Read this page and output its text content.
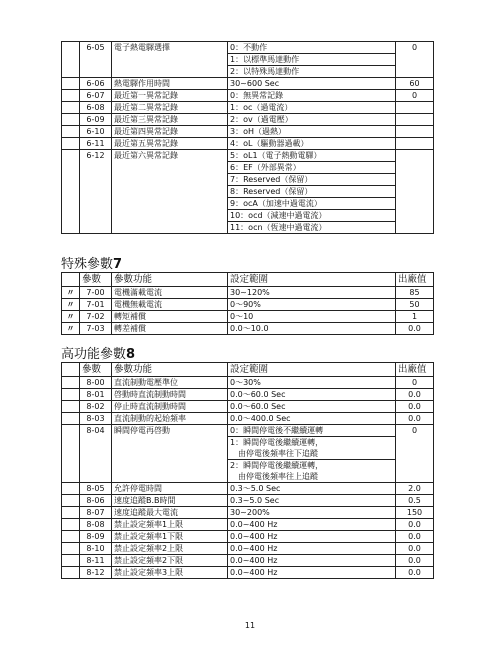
	6-05	電子熱電驛選擇	0：不動作	0
			1：以標準馬達動作	
			2：以特殊馬達動作	
	6-06	熱電驛作用時間	30~600 Sec	60
	6-07	最近第一異常記錄	0：無異常記錄	0
	6-08	最近第二異常記錄	1：oc（過電流）	
	6-09	最近第三異常記錄	2：ov（過電壓）	
	6-10	最近第四異常記錄	3：oH（過熱）	
	6-11	最近第五異常記錄	4：oL（驅動器過載）	
	6-12	最近第六異常記錄	5：oL1（電子熱動電驛）	
			6：EF（外部異常）	
			7：Reserved（保留）	
			8：Reserved（保留）	
			9：ocA（加速中過電流）	
			10：ocd（減速中過電流）	
			11：ocn（恆速中過電流）	
特殊參數7
	參數	參數功能	設定範圍	出廠值
〃	7-00	電機滿載電流	30~120%	85
〃	7-01	電機無載電流	0～90%	50
〃	7-02	轉矩補償	0～10	1
〃	7-03	轉差補償	0.0～10.0	0.0
高功能參數8
	參數	參數功能	設定範圍	出廠值
	8-00	直流制動電壓準位	0～30%	0
	8-01	啓動時直流制動時間	0.0～60.0 Sec	0.0
	8-02	停止時直流制動時間	0.0～60.0 Sec	0.0
	8-03	直流制動的起始頻率	0.0～400.0 Sec	0.0
	8-04	瞬間停電再啓動	0：瞬間停電後不繼續運轉	0
			1：瞬間停電後繼續運轉，
　由停電後頻率往下追蹤	
			2：瞬間停電後繼續運轉，
　由停電後頻率往上追蹤	
	8-05	允許停電時間	0.3～5.0 Sec	2.0
	8-06	速度追蹤B.B時間	0.3~5.0 Sec	0.5
	8-07	速度追蹤最大電流	30~200%	150
	8-08	禁止設定頻率1上限	0.0~400 Hz	0.0
	8-09	禁止設定頻率1下限	0.0~400 Hz	0.0
	8-10	禁止設定頻率2上限	0.0~400 Hz	0.0
	8-11	禁止設定頻率2下限	0.0~400 Hz	0.0
	8-12	禁止設定頻率3上限	0.0~400 Hz	0.0
11
